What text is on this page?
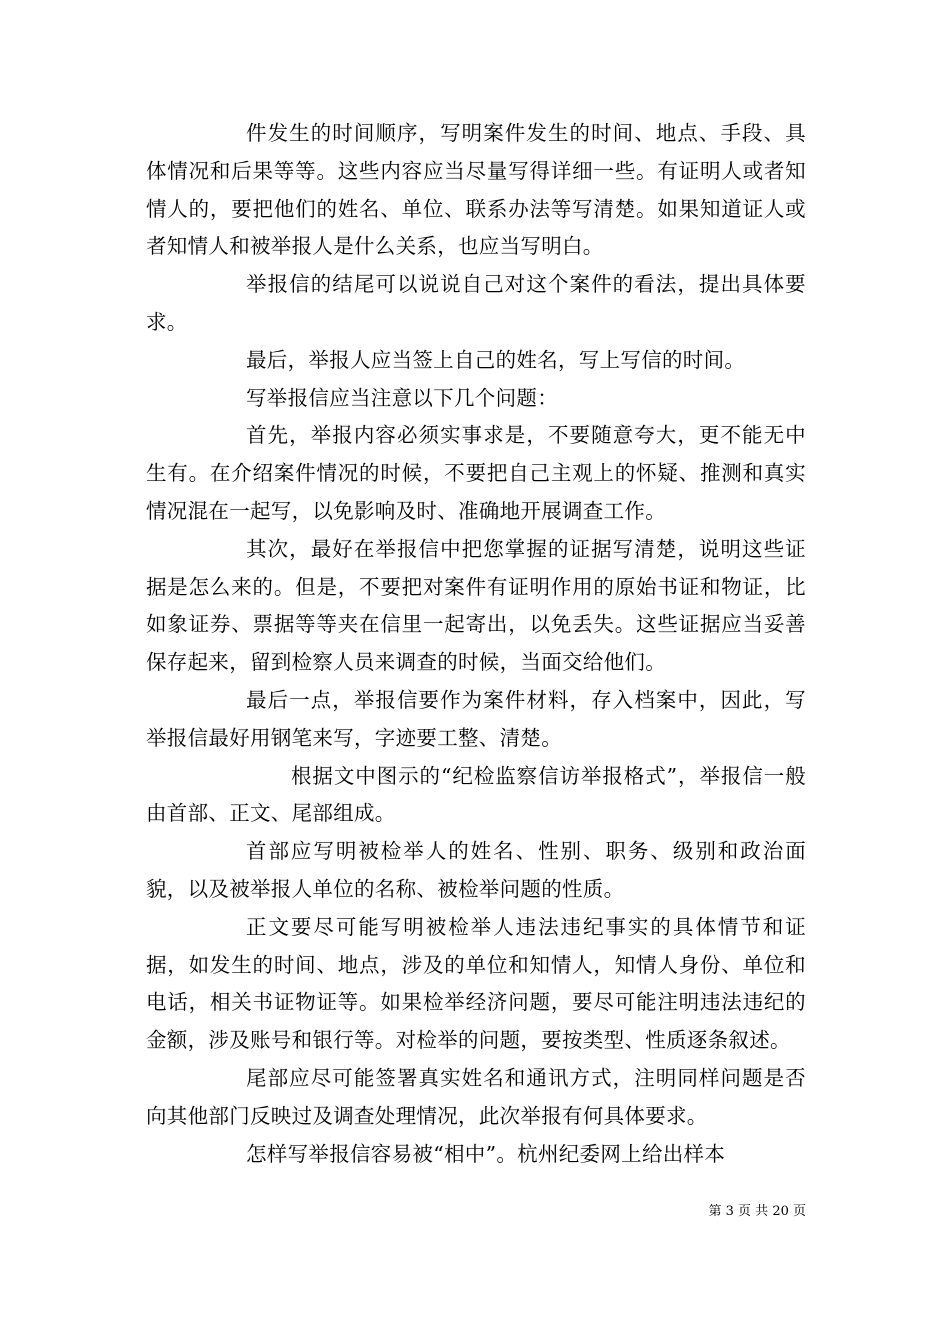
件发生的时间顺序，写明案件发生的时间、地点、手段、具体情况和后果等等。这些内容应当尽量写得详细一些。有证明人或者知情人的，要把他们的姓名、单位、联系办法等写清楚。如果知道证人或者知情人和被举报人是什么关系，也应当写明白。

举报信的结尾可以说说自己对这个案件的看法，提出具体要求。

最后，举报人应当签上自己的姓名，写上写信的时间。

写举报信应当注意以下几个问题：

首先，举报内容必须实事求是，不要随意夸大，更不能无中生有。在介绍案件情况的时候，不要把自己主观上的怀疑、推测和真实情况混在一起写，以免影响及时、准确地开展调查工作。

其次，最好在举报信中把您掌握的证据写清楚，说明这些证据是怎么来的。但是，不要把对案件有证明作用的原始书证和物证，比如象证券、票据等等夹在信里一起寄出，以免丢失。这些证据应当妥善保存起来，留到检察人员来调查的时候，当面交给他们。

最后一点，举报信要作为案件材料，存入档案中，因此，写举报信最好用钢笔来写，字迹要工整、清楚。

根据文中图示的“纪检监察信访举报格式”，举报信一般由首部、正文、尾部组成。

首部应写明被检举人的姓名、性别、职务、级别和政治面貌，以及被举报人单位的名称、被检举问题的性质。

正文要尽可能写明被检举人违法违纪事实的具体情节和证据，如发生的时间、地点，涉及的单位和知情人，知情人身份、单位和电话，相关书证物证等。如果检举经济问题，要尽可能注明违法违纪的金额，涉及账号和银行等。对检举的问题，要按类型、性质逐条叙述。

尾部应尽可能签署真实姓名和通讯方式，注明同样问题是否向其他部门反映过及调查处理情况，此次举报有何具体要求。

怎样写举报信容易被“相中”。杭州纪委网上给出样本

第 3 页 共 20 页
